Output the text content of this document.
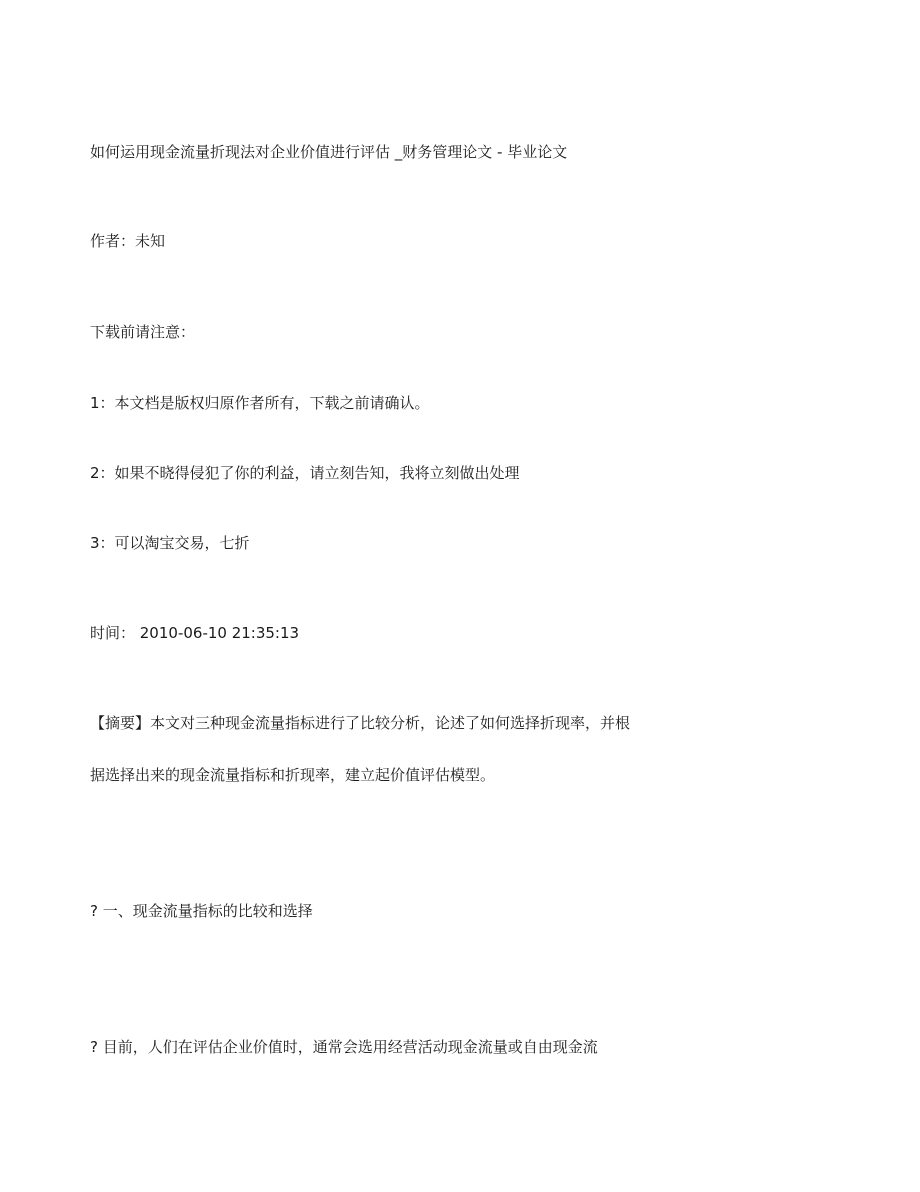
如何运用现金流量折现法对企业价值进行评估 _财务管理论文 - 毕业论文

作者：未知

下载前请注意：

1：本文档是版权归原作者所有，下载之前请确认。

2：如果不晓得侵犯了你的利益，请立刻告知，我将立刻做出处理

3：可以淘宝交易，七折

时间： 2010-06-10 21:35:13

【摘要】本文对三种现金流量指标进行了比较分析，论述了如何选择折现率，并根

据选择出来的现金流量指标和折现率，建立起价值评估模型。

? 一、现金流量指标的比较和选择

? 目前，人们在评估企业价值时，通常会选用经营活动现金流量或自由现金流
